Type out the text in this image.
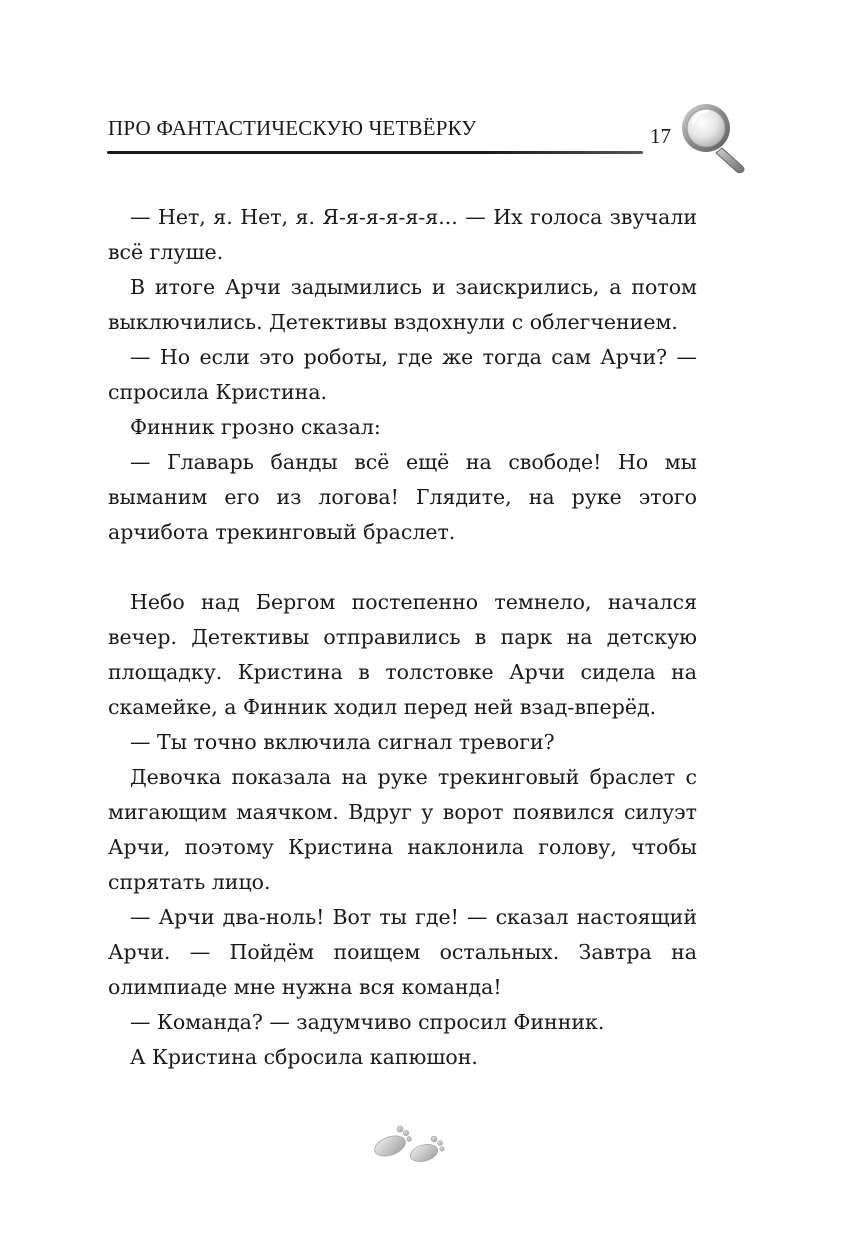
ПРО ФАНТАСТИЧЕСКУЮ ЧЕТВЁРКУ	17

— Нет, я. Нет, я. Я-я-я-я-я-я... — Их голоса звучали всё глуше.

В итоге Арчи задымились и заискрились, а потом выключились. Детективы вздохнули с облегчением.

— Но если это роботы, где же тогда сам Арчи? — спросила Кристина.

Финник грозно сказал:

— Главарь банды всё ещё на свободе! Но мы выманим его из логова! Глядите, на руке этого арчибота трекинговый браслет.

Небо над Бергом постепенно темнело, начался вечер. Детективы отправились в парк на детскую площадку. Кристина в толстовке Арчи сидела на скамейке, а Финник ходил перед ней взад-вперёд.

— Ты точно включила сигнал тревоги?

Девочка показала на руке трекинговый браслет с мигающим маячком. Вдруг у ворот появился силуэт Арчи, поэтому Кристина наклонила голову, чтобы спрятать лицо.

— Арчи два-ноль! Вот ты где! — сказал настоящий Арчи. — Пойдём поищем остальных. Завтра на олимпиаде мне нужна вся команда!

— Команда? — задумчиво спросил Финник.

А Кристина сбросила капюшон.
